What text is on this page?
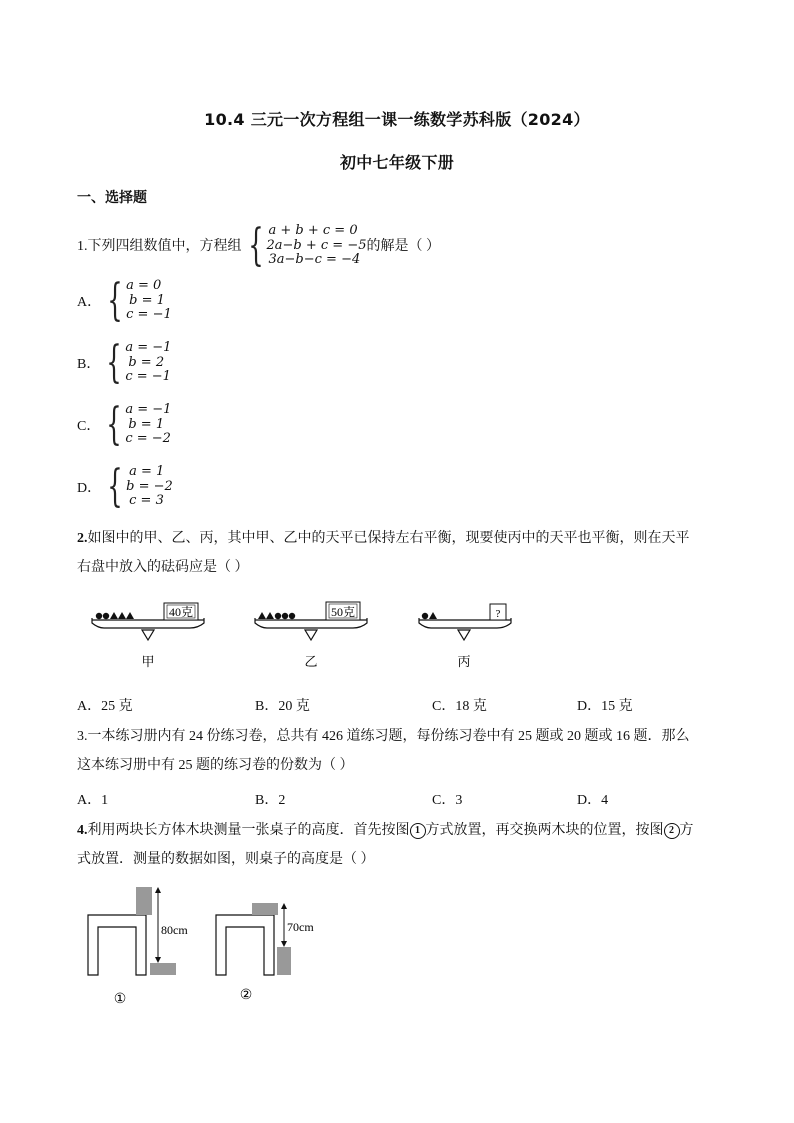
10.4 三元一次方程组一课一练数学苏科版（2024）
初中七年级下册
一、选择题
1.下列四组数值中，方程组 { a + b + c = 0
2a−b + c = −5
3a−b−c = −4
的解是（ ）
A． { a = 0
b = 1
c = −1
B． { a = −1
b = 2
c = −1
C． { a = −1
b = 1
c = −2
D． { a = 1
b = −2
c = 3
2.如图中的甲、乙、丙，其中甲、乙中的天平已保持左右平衡，现要使丙中的天平也平衡，则在天平
右盘中放入的砝码应是（ ）
40克
甲
50克
乙
?
丙
A．25 克	B．20 克	C．18 克	D．15 克
3.一本练习册内有 24 份练习卷，总共有 426 道练习题，每份练习卷中有 25 题或 20 题或 16 题．那么
这本练习册中有 25 题的练习卷的份数为（ ）
A．1	B．2	C．3	D．4
4.利用两块长方体木块测量一张桌子的高度．首先按图 1 方式放置，再交换两木块的位置，按图 2 方
式放置．测量的数据如图，则桌子的高度是（ ）
80cm
①
70cm
②
